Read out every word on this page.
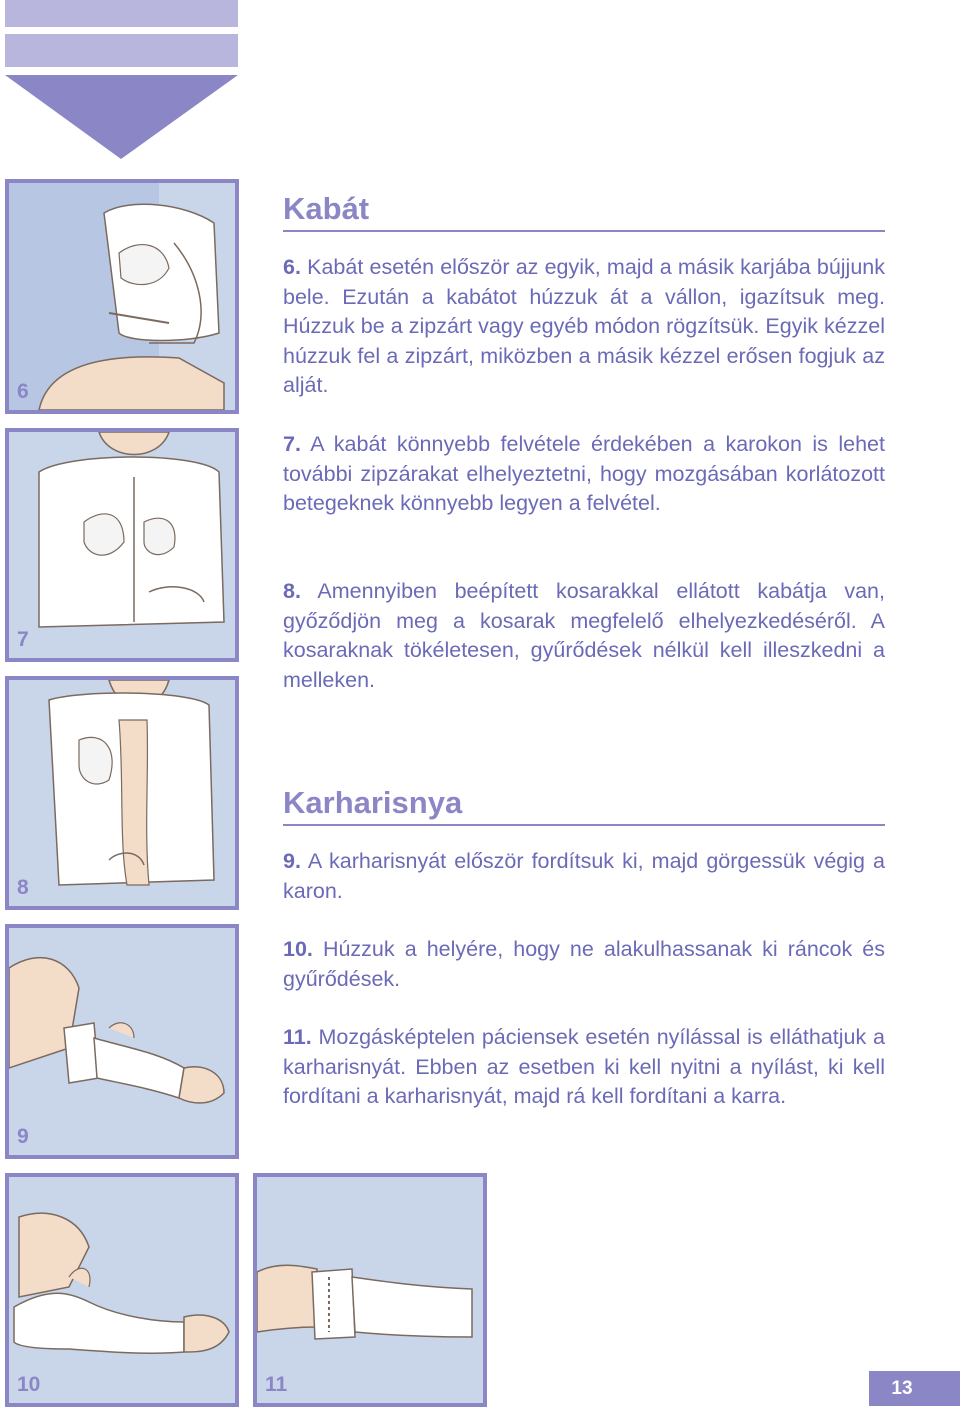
6
7
8
9
10	11
Kabát

6. Kabát esetén először az egyik, majd a másik karjába bújjunk bele. Ezután a kabátot húzzuk át a vállon, igazítsuk meg. Húzzuk be a zipzárt vagy egyéb módon rögzítsük. Egyik kézzel húzzuk fel a zipzárt, miközben a másik kézzel erősen fogjuk az alját.

7. A kabát könnyebb felvétele érdekében a karokon is lehet további zipzárakat elhelyeztetni, hogy mozgásában korlátozott betegeknek könnyebb legyen a felvétel.

8. Amennyiben beépített kosarakkal ellátott kabátja van, győződjön meg a kosarak megfelelő elhelyezkedéséről. A kosaraknak tökéletesen, gyűrődések nélkül kell illeszkedni a melleken.

Karharisnya

9. A karharisnyát először fordítsuk ki, majd görgessük végig a karon.

10. Húzzuk a helyére, hogy ne alakulhassanak ki ráncok és gyűrődések.

11. Mozgásképtelen páciensek esetén nyílással is elláthatjuk a karharisnyát. Ebben az esetben ki kell nyitni a nyílást, ki kell fordítani a karharisnyát, majd rá kell fordítani a karra.

13
